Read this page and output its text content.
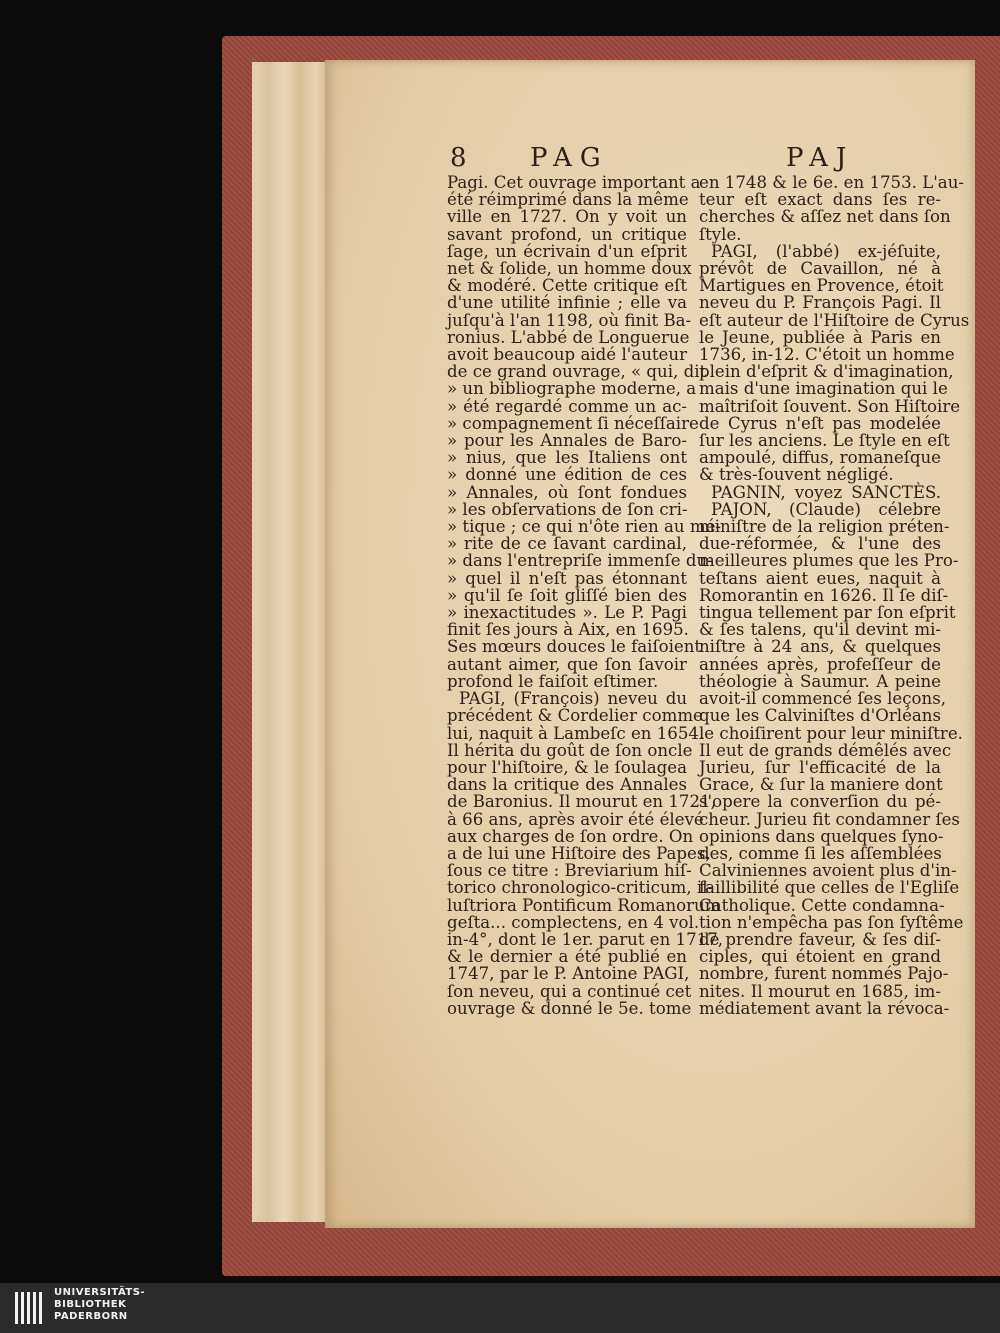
8 PAG	PAJ
Pagi. Cet ouvrage important a
été réimprimé dans la même
ville en 1727. On y voit un
savant profond, un critique
ſage, un écrivain d'un eſprit
net & ſolide, un homme doux
& modéré. Cette critique eſt
d'une utilité infinie ; elle va
juſqu'à l'an 1198, où finit Ba-
ronius. L'abbé de Longuerue
avoit beaucoup aidé l'auteur
de ce grand ouvrage, « qui, dit
» un bibliographe moderne, a
» été regardé comme un ac-
» compagnement ſi néceſſaire
» pour les Annales de Baro-
» nius, que les Italiens ont
» donné une édition de ces
» Annales, où ſont fondues
» les obſervations de ſon cri-
» tique ; ce qui n'ôte rien au mé-
» rite de ce ſavant cardinal,
» dans l'entrepriſe immenſe du-
» quel il n'eſt pas étonnant
» qu'il ſe ſoit gliſſé bien des
» inexactitudes ». Le P. Pagi
finit ſes jours à Aix, en 1695.
Ses mœurs douces le faiſoient
autant aimer, que ſon ſavoir
profond le faiſoit eſtimer.
PAGI, (François) neveu du
précédent & Cordelier comme
lui, naquit à Lambeſc en 1654.
Il hérita du goût de ſon oncle
pour l'hiſtoire, & le ſoulagea
dans la critique des Annales
de Baronius. Il mourut en 1721,
à 66 ans, après avoir été élevé
aux charges de ſon ordre. On
a de lui une Hiſtoire des Papes,
ſous ce titre : Breviarium hiſ-
torico chronologico-criticum, il-
luſtriora Pontificum Romanorum
geſta... complectens, en 4 vol.
in-4°, dont le 1er. parut en 1717,
& le dernier a été publié en
1747, par le P. Antoine PAGI,
ſon neveu, qui a continué cet
ouvrage & donné le 5e. tome
en 1748 & le 6e. en 1753. L'au-
teur eſt exact dans ſes re-
cherches & aſſez net dans ſon
ſtyle.
PAGI, (l'abbé) ex-jéſuite,
prévôt de Cavaillon, né à
Martigues en Provence, étoit
neveu du P. François Pagi. Il
eſt auteur de l'Hiſtoire de Cyrus
le Jeune, publiée à Paris en
1736, in-12. C'étoit un homme
plein d'eſprit & d'imagination,
mais d'une imagination qui le
maîtriſoit ſouvent. Son Hiſtoire
de Cyrus n'eſt pas modelée
ſur les anciens. Le ſtyle en eſt
ampoulé, diffus, romaneſque
& très-ſouvent négligé.
PAGNIN, voyez SANCTÈS.
PAJON, (Claude) célebre
miniſtre de la religion préten-
due-réformée, & l'une des
meilleures plumes que les Pro-
teſtans aient eues, naquit à
Romorantin en 1626. Il ſe diſ-
tingua tellement par ſon eſprit
& ſes talens, qu'il devint mi-
niſtre à 24 ans, & quelques
années après, profeſſeur de
théologie à Saumur. A peine
avoit-il commencé ſes leçons,
que les Calviniſtes d'Orléans
le choiſirent pour leur miniſtre.
Il eut de grands démêlés avec
Jurieu, ſur l'efficacité de la
Grace, & ſur la maniere dont
s'opere la converſion du pé-
cheur. Jurieu fit condamner ſes
opinions dans quelques ſyno-
des, comme ſi les aſſemblées
Calviniennes avoient plus d'in-
faillibilité que celles de l'Egliſe
Catholique. Cette condamna-
tion n'empêcha pas ſon ſyſtême
de prendre faveur, & ſes diſ-
ciples, qui étoient en grand
nombre, furent nommés Pajo-
nites. Il mourut en 1685, im-
médiatement avant la révoca-
UNIVERSITÄTS-
BIBLIOTHEK
PADERBORN
